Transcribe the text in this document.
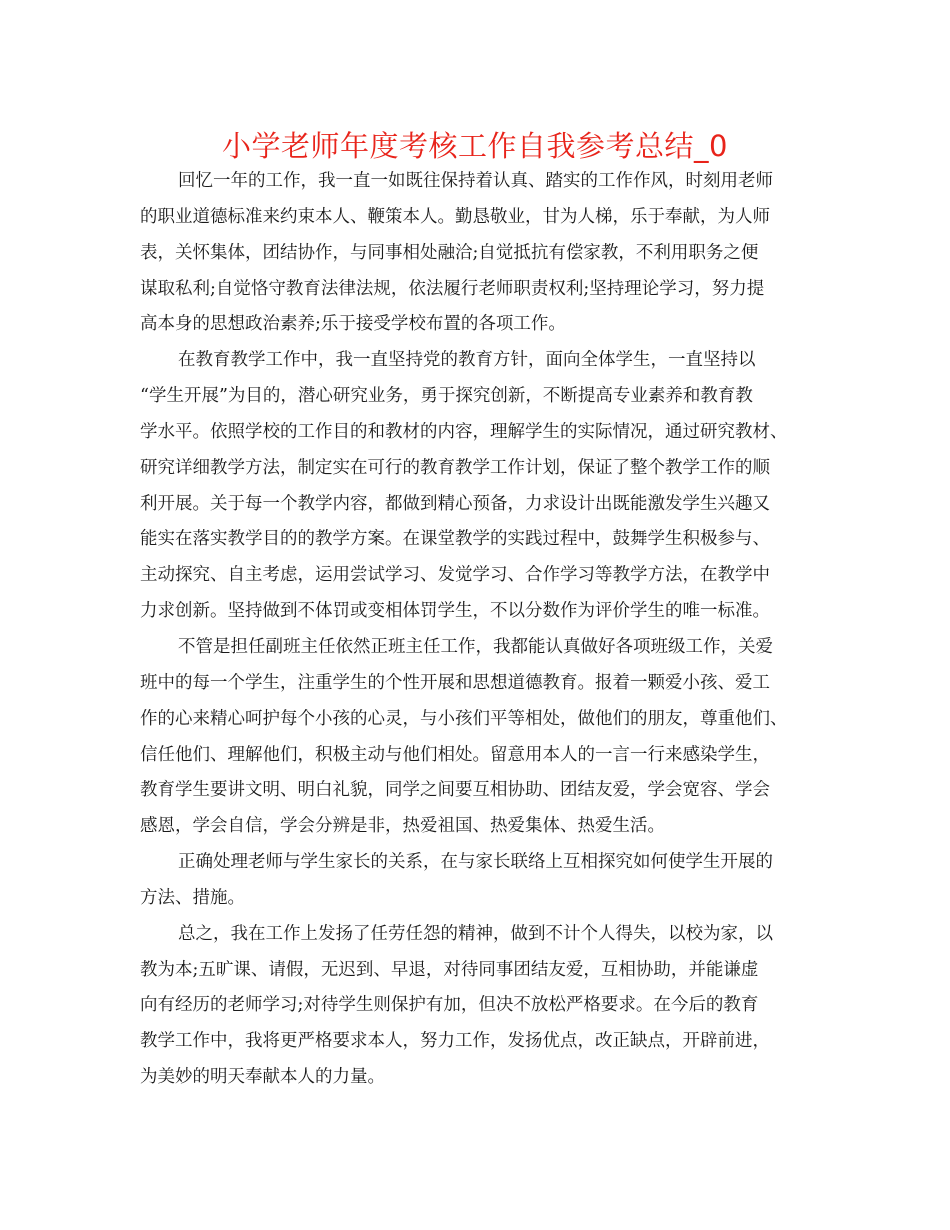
小学老师年度考核工作自我参考总结_0
回忆一年的工作，我一直一如既往保持着认真、踏实的工作作风，时刻用老师
的职业道德标准来约束本人、鞭策本人。勤恳敬业，甘为人梯，乐于奉献，为人师
表，关怀集体，团结协作，与同事相处融洽;自觉抵抗有偿家教，不利用职务之便
谋取私利;自觉恪守教育法律法规，依法履行老师职责权利;坚持理论学习，努力提
高本身的思想政治素养;乐于接受学校布置的各项工作。
在教育教学工作中，我一直坚持党的教育方针，面向全体学生，一直坚持以
“学生开展”为目的，潜心研究业务，勇于探究创新，不断提高专业素养和教育教
学水平。依照学校的工作目的和教材的内容，理解学生的实际情况，通过研究教材、
研究详细教学方法，制定实在可行的教育教学工作计划，保证了整个教学工作的顺
利开展。关于每一个教学内容，都做到精心预备，力求设计出既能激发学生兴趣又
能实在落实教学目的的教学方案。在课堂教学的实践过程中，鼓舞学生积极参与、
主动探究、自主考虑，运用尝试学习、发觉学习、合作学习等教学方法，在教学中
力求创新。坚持做到不体罚或变相体罚学生，不以分数作为评价学生的唯一标准。
不管是担任副班主任依然正班主任工作，我都能认真做好各项班级工作，关爱
班中的每一个学生，注重学生的个性开展和思想道德教育。报着一颗爱小孩、爱工
作的心来精心呵护每个小孩的心灵，与小孩们平等相处，做他们的朋友，尊重他们、
信任他们、理解他们，积极主动与他们相处。留意用本人的一言一行来感染学生，
教育学生要讲文明、明白礼貌，同学之间要互相协助、团结友爱，学会宽容、学会
感恩，学会自信，学会分辨是非，热爱祖国、热爱集体、热爱生活。
正确处理老师与学生家长的关系，在与家长联络上互相探究如何使学生开展的
方法、措施。
总之，我在工作上发扬了任劳任怨的精神，做到不计个人得失，以校为家，以
教为本;五旷课、请假，无迟到、早退，对待同事团结友爱，互相协助，并能谦虚
向有经历的老师学习;对待学生则保护有加，但决不放松严格要求。在今后的教育
教学工作中，我将更严格要求本人，努力工作，发扬优点，改正缺点，开辟前进，
为美妙的明天奉献本人的力量。
